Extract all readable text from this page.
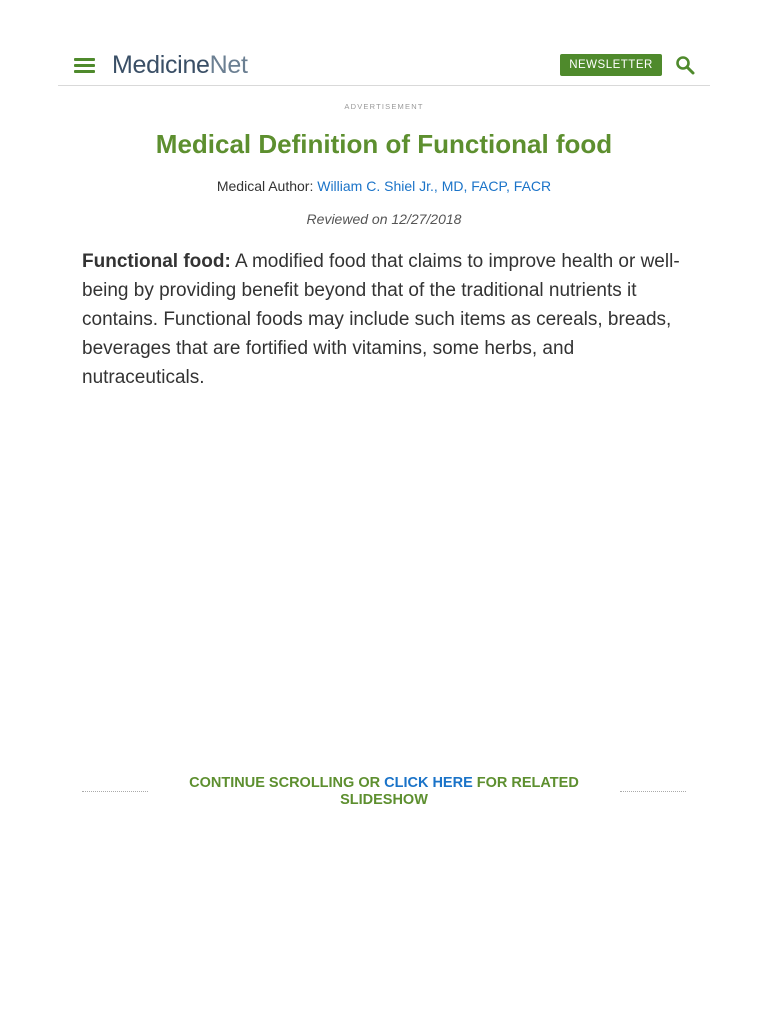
MedicineNet	NEWSLETTER
ADVERTISEMENT
Medical Definition of Functional food
Medical Author: William C. Shiel Jr., MD, FACP, FACR
Reviewed on 12/27/2018

Functional food: A modified food that claims to improve health or well-being by providing benefit beyond that of the traditional nutrients it contains. Functional foods may include such items as cereals, breads, beverages that are fortified with vitamins, some herbs, and nutraceuticals.

CONTINUE SCROLLING OR CLICK HERE FOR RELATED SLIDESHOW
